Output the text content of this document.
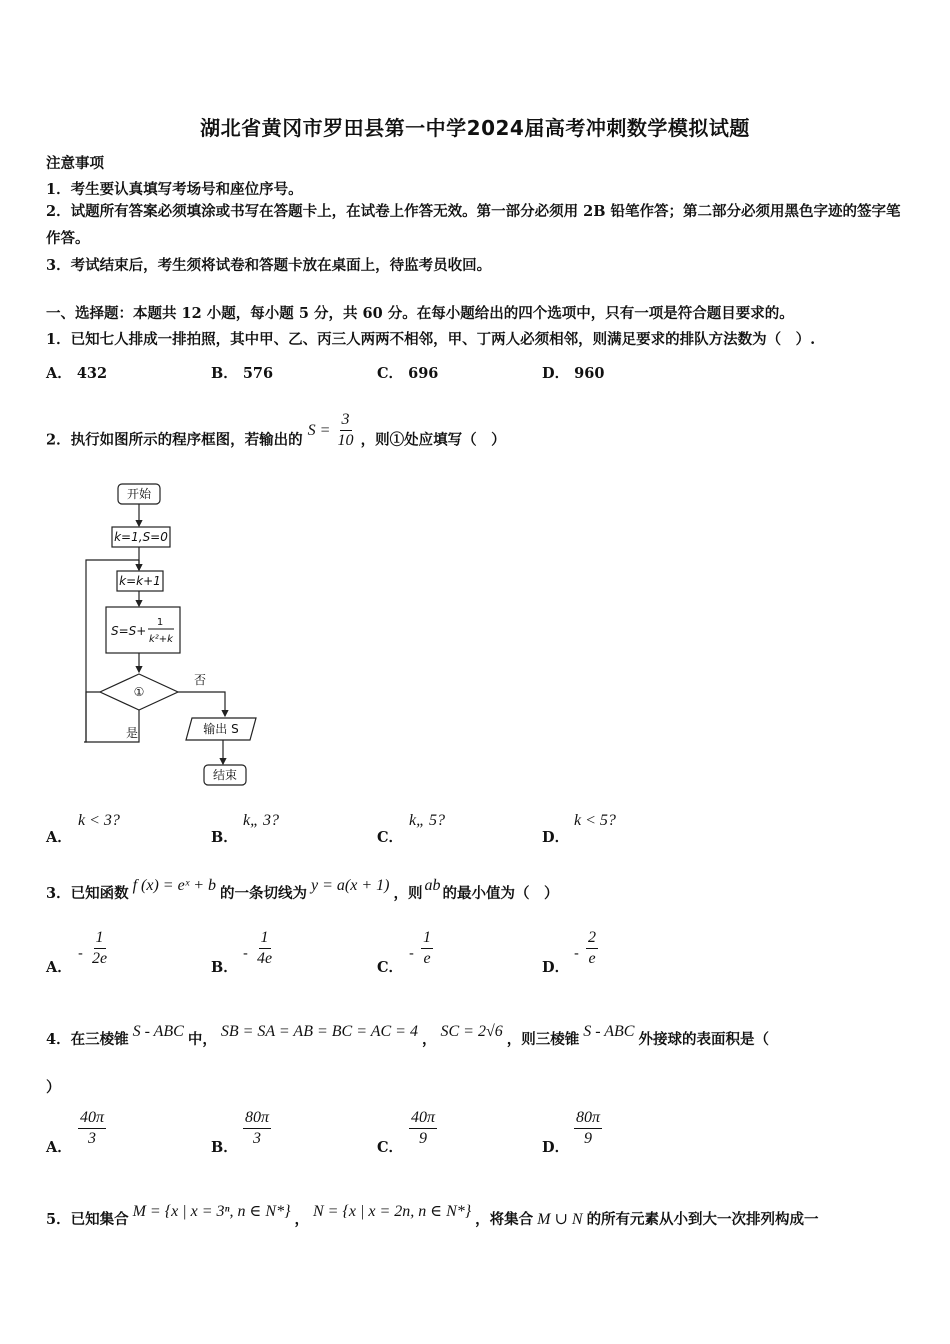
湖北省黄冈市罗田县第一中学2024届高考冲刺数学模拟试题
注意事项
1．考生要认真填写考场号和座位序号。
2．试题所有答案必须填涂或书写在答题卡上，在试卷上作答无效。第一部分必须用 2B 铅笔作答；第二部分必须用黑色字迹的签字笔作答。
3．考试结束后，考生须将试卷和答题卡放在桌面上，待监考员收回。
一、选择题：本题共 12 小题，每小题 5 分，共 60 分。在每小题给出的四个选项中，只有一项是符合题目要求的。
1．已知七人排成一排拍照，其中甲、乙、丙三人两两不相邻，甲、丁两人必须相邻，则满足要求的排队方法数为（　）.
A． 432	B． 576	C． 696	D． 960
2．执行如图所示的程序框图，若输出的 $S = \frac{3}{10}$ ，则①处应填写（　）
开始
k=1,S=0
k=k+1
S=S+
1
k²+k
①
否
是	输出 S
结束
A．
k < 3?
B．
k„ 3?
C．
k„ 5?
D．
k < 5?
3．已知函数 f (x) = eˣ + b 的一条切线为 y = a(x + 1) ，则 ab 的最小值为（　）
A．
- $\frac{1}{2e}$	B．
- $\frac{1}{4e}$	C．
- $\frac{1}{e}$	D．
- $\frac{2}{e}$
4．在三棱锥 S - ABC 中， SB = SA = AB = BC = AC = 4 ， SC = 2√6 ，则三棱锥 S - ABC 外接球的表面积是（
）
A． $\frac{40\pi}{3}$	B． $\frac{80\pi}{3}$	C． $\frac{40\pi}{9}$	D． $\frac{80\pi}{9}$
5．已知集合 M = {x | x = 3ⁿ, n ∈ N*} ， N = {x | x = 2n, n ∈ N*} ，将集合 M ∪ N 的所有元素从小到大一次排列构成一
